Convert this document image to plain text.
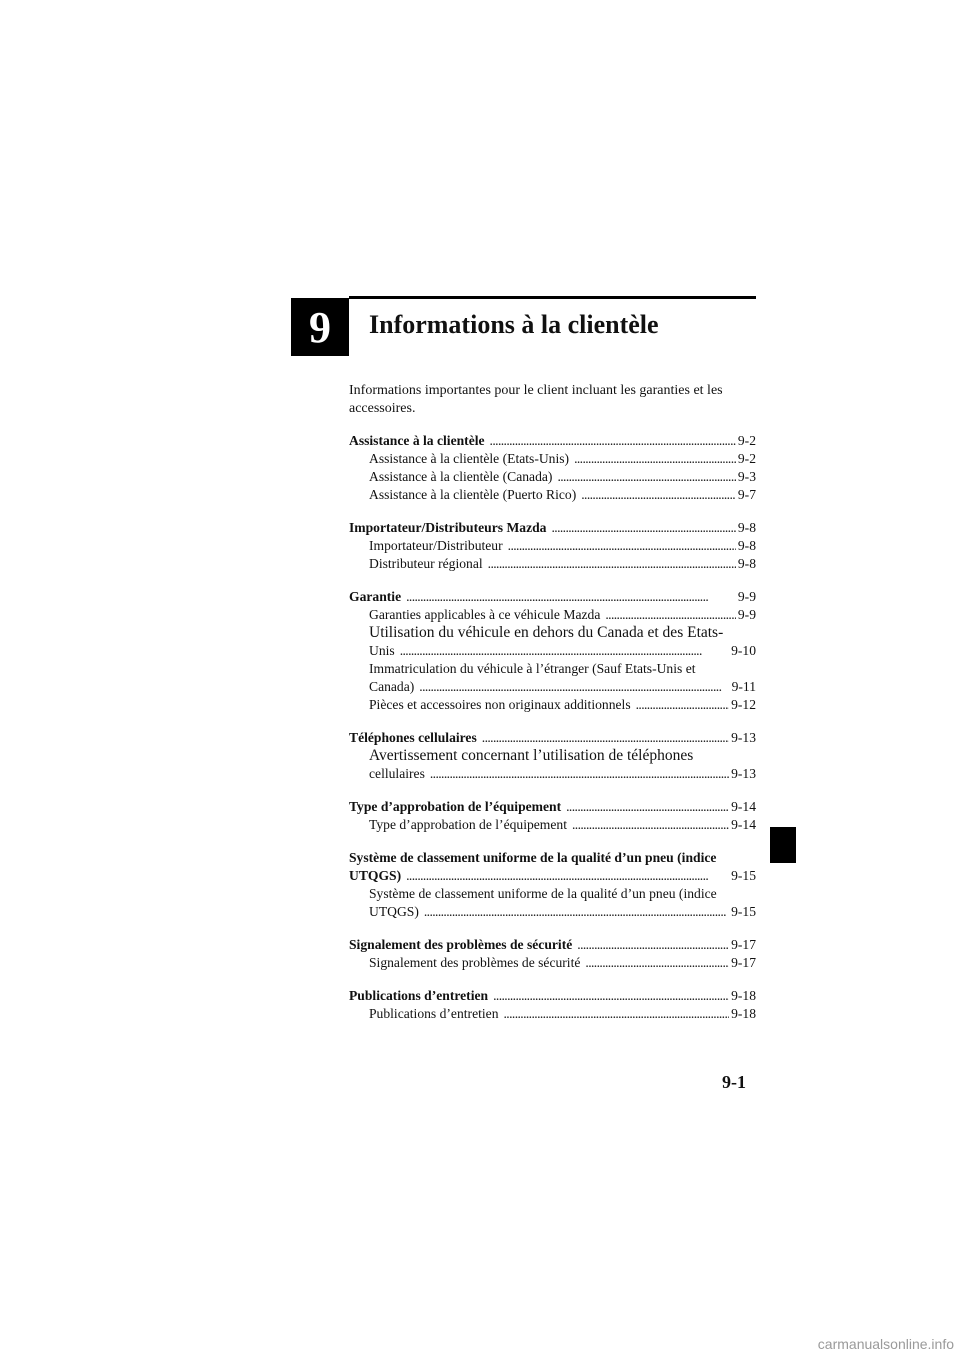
9 Informations à la clientèle
Informations importantes pour le client incluant les garanties et les accessoires.
Assistance à la clientèle . . .	9-2
Assistance à la clientèle (Etats-Unis) . . .	9-2
Assistance à la clientèle (Canada) . . .	9-3
Assistance à la clientèle (Puerto Rico) . . .	9-7
Importateur/Distributeurs Mazda . . .	9-8
Importateur/Distributeur . . .	9-8
Distributeur régional . . .	9-8
Garantie . . .	9-9
Garanties applicables à ce véhicule Mazda . . .	9-9
Utilisation du véhicule en dehors du Canada et des Etats-
Unis . . .	9-10
Immatriculation du véhicule à l’étranger (Sauf Etats-Unis et
Canada) . . .	9-11
Pièces et accessoires non originaux additionnels . . .	9-12
Téléphones cellulaires . . .	9-13
Avertissement concernant l’utilisation de téléphones
cellulaires . . .	9-13
Type d’approbation de l’équipement . . .	9-14
Type d’approbation de l’équipement . . .	9-14
Système de classement uniforme de la qualité d’un pneu (indice
UTQGS) . . .	9-15
Système de classement uniforme de la qualité d’un pneu (indice
UTQGS) . . .	9-15
Signalement des problèmes de sécurité . . .	9-17
Signalement des problèmes de sécurité . . .	9-17
Publications d’entretien . . .	9-18
Publications d’entretien . . .	9-18
9-1
carmanualsonline.info
